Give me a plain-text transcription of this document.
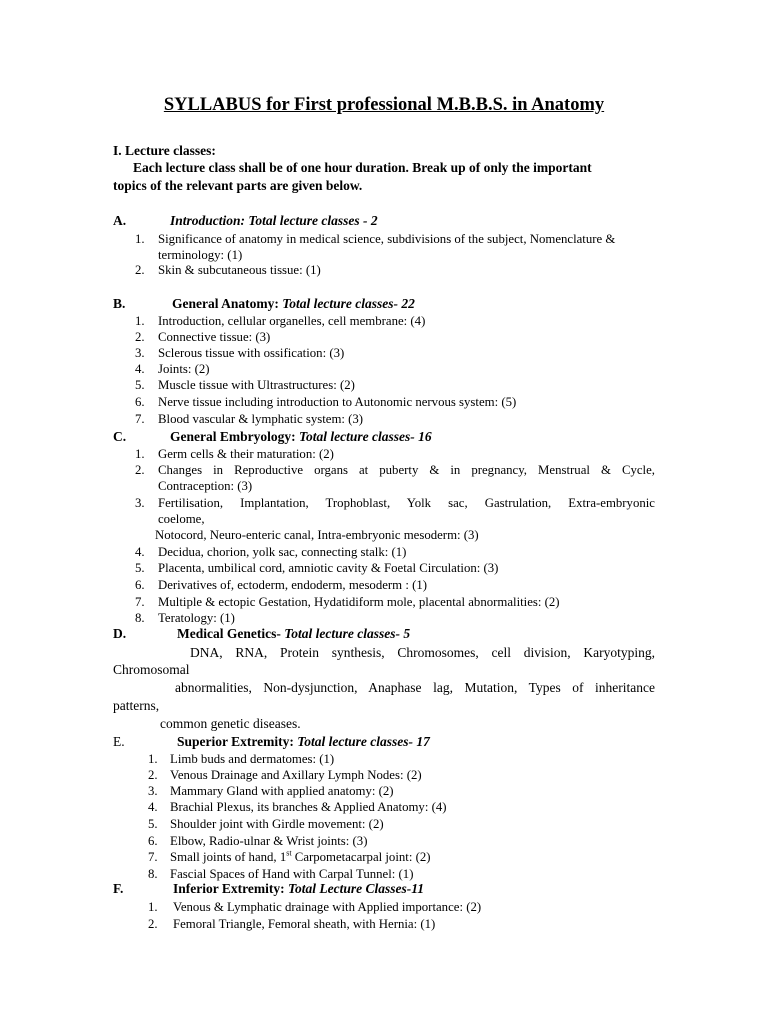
SYLLABUS for First professional M.B.B.S. in Anatomy
I. Lecture classes:
Each lecture class shall be of one hour duration. Break up of only the important
topics of the relevant parts are given below.
A.	Introduction: Total lecture classes - 2
1. Significance of anatomy in medical science, subdivisions of the subject, Nomenclature &
terminology: (1)
2. Skin & subcutaneous tissue: (1)
B.	General Anatomy: Total lecture classes- 22
1. Introduction, cellular organelles, cell membrane: (4)
2. Connective tissue: (3)
3. Sclerous tissue with ossification: (3)
4. Joints: (2)
5. Muscle tissue with Ultrastructures: (2)
6. Nerve tissue including introduction to Autonomic nervous system: (5)
7. Blood vascular & lymphatic system: (3)
C.	General Embryology: Total lecture classes- 16
1. Germ cells & their maturation: (2)
2. Changes in Reproductive organs at puberty & in pregnancy, Menstrual & Cycle,
Contraception: (3)
3. Fertilisation, Implantation, Trophoblast, Yolk sac, Gastrulation, Extra-embryonic
coelome,
Notocord, Neuro-enteric canal, Intra-embryonic mesoderm: (3)
4. Decidua, chorion, yolk sac, connecting stalk: (1)
5. Placenta, umbilical cord, amniotic cavity & Foetal Circulation: (3)
6. Derivatives of, ectoderm, endoderm, mesoderm : (1)
7. Multiple & ectopic Gestation, Hydatidiform mole, placental abnormalities: (2)
8. Teratology: (1)
D.	Medical Genetics- Total lecture classes- 5
DNA, RNA, Protein synthesis, Chromosomes, cell division, Karyotyping,
Chromosomal
abnormalities, Non-dysjunction, Anaphase lag, Mutation, Types of inheritance
patterns,
common genetic diseases.
E.	Superior Extremity: Total lecture classes- 17
1. Limb buds and dermatomes: (1)
2. Venous Drainage and Axillary Lymph Nodes: (2)
3. Mammary Gland with applied anatomy: (2)
4. Brachial Plexus, its branches & Applied Anatomy: (4)
5. Shoulder joint with Girdle movement: (2)
6. Elbow, Radio-ulnar & Wrist joints: (3)
7. Small joints of hand, 1st Carpometacarpal joint: (2)
8. Fascial Spaces of Hand with Carpal Tunnel: (1)
F.	Inferior Extremity: Total Lecture Classes-11
1. Venous & Lymphatic drainage with Applied importance: (2)
2. Femoral Triangle, Femoral sheath, with Hernia: (1)
